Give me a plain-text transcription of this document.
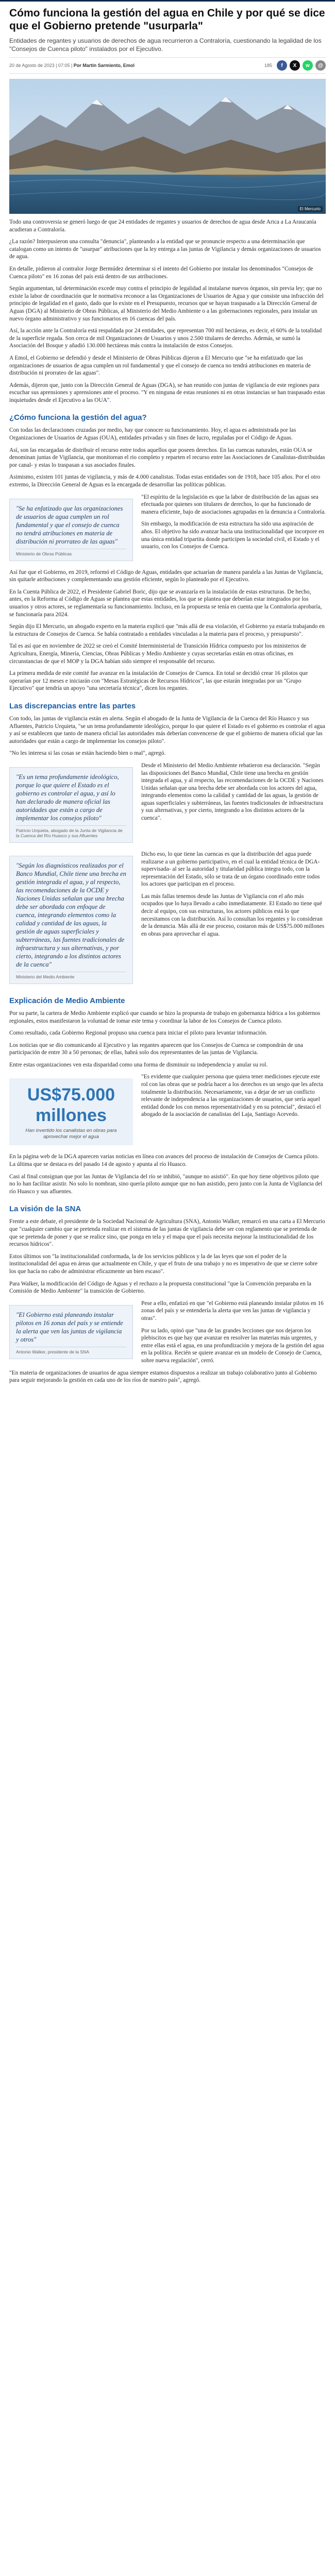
Cómo funciona la gestión del agua en Chile y por qué se dice que el Gobierno pretende "usurparla"

Entidades de regantes y usuarios de derechos de agua recurrieron a Contraloría, cuestionando la legalidad de los "Consejos de Cuenca piloto" instalados por el Ejecutivo.

20 de Agosto de 2023 | 07:05 | Por Martin Sarmiento, Emol	185 f X w @
El Mercurio

Todo una controversia se generó luego de que 24 entidades de regantes y usuarios de derechos de agua desde Arica a La Araucanía acudieran a Contraloría.

¿La razón? Interpusieron una consulta "denuncia", planteando a la entidad que se pronuncie respecto a una determinación que catalogan como un intento de "usurpar" atribuciones que la ley entrega a las juntas de Vigilancia y demás organizaciones de usuarios de agua.

En detalle, pidieron al contralor Jorge Bermúdez determinar si el intento del Gobierno por instalar los denominados "Consejos de Cuenca piloto" en 16 zonas del país está dentro de sus atribuciones.

Según argumentan, tal determinación excede muy contra el principio de legalidad al instalarse nuevos órganos, sin previa ley; que no existe la labor de coordinación que le normativa reconoce a las Organizaciones de Usuarios de Agua y que consiste una infracción del principio de legalidad en el gasto, dado que lo existe en el Presupuesto, recursos que se hayan traspasado a la Dirección General de Aguas (DGA) al Ministerio de Obras Públicas, al Ministerio del Medio Ambiente o a las gobernaciones regionales, para instalar un nuevo órgano administrativo y sus funcionarios en 16 cuencas del país.

Así, la acción ante la Contraloría está respaldada por 24 entidades, que representan 700 mil hectáreas, es decir, el 60% de la totalidad de la superficie regada. Son cerca de mil Organizaciones de Usuarios y unos 2.500 titulares de derecho. Además, se sumó la Asociación del Bosque y añadió 130.000 hectáreas más contra la instalación de estos Consejos.

A Emol, el Gobierno se defendió y desde el Ministerio de Obras Públicas dijeron a El Mercurio que "se ha enfatizado que las organizaciones de usuarios de agua cumplen un rol fundamental y que el consejo de cuenca no tendrá atribuciones en materia de distribución ni prorrateo de las aguas".

Además, dijeron que, junto con la Dirección General de Aguas (DGA), se han reunido con juntas de vigilancia de este regiones para escuchar sus aprensiones y aprensiones ante el proceso. "Y en ninguna de estas reuniones ni en otras instancias se han traspasado estas inquietudes desde el Ejecutivo a las OUA".

¿Cómo funciona la gestión del agua?

Con todas las declaraciones cruzadas por medio, hay que conocer su funcionamiento. Hoy, el agua es administrada por las Organizaciones de Usuarios de Aguas (OUA), entidades privadas y sin fines de lucro, reguladas por el Código de Aguas.

Así, son las encargadas de distribuir el recurso entre todos aquellos que poseen derechos. En las cuencas naturales, están OUA se denominan juntas de Vigilancia, que monitorean el rio completo y reparten el recurso entre las Asociaciones de Canalistas-distribuidas por canal- y estas lo traspasan a sus asociados finales.

Asimismo, existen 101 juntas de vigilancia, y más de 4.000 canalistas. Todas estas entidades son de 1918, hace 105 años. Por el otro extremo, la Dirección General de Aguas es la encargada de desarrollar las políticas públicas.

"Se ha enfatizado que las organizaciones de usuarios de agua cumplen un rol fundamental y que el consejo de cuenca no tendrá atribuciones en materia de distribución ni prorrateo de las aguas"
Ministerio de Obras Públicas

"El espíritu de la legislación es que la labor de distribución de las aguas sea efectuada por quienes son titulares de derechos, lo que ha funcionado de manera eficiente, bajo de asociaciones agrupadas en la denuncia a Contraloría.

Sin embargo, la modificación de esta estructura ha sido una aspiración de años. El objetivo ha sido avanzar hacia una institucionalidad que incorpore en una única entidad tripartita donde participen la sociedad civil, el Estado y el usuario, con los Consejos de Cuenca.

Así fue que el Gobierno, en 2019, reformó el Código de Aguas, entidades que actuarían de manera paralela a las Juntas de Vigilancia, sin quitarle atribuciones y complementando una gestión eficiente, según lo planteado por el Ejecutivo.

En la Cuenta Pública de 2022, el Presidente Gabriel Boric, dijo que se avanzaría en la instalación de estas estructuras. De hecho, antes, en la Reforma al Código de Aguas se plantea que estas entidades, los que se plantea que deberían estar integrados por los usuarios y otros actores, se reglamentaría su funcionamiento. Incluso, en la propuesta se tenía en cuenta que la Contraloría aprobaría, se funcionaría para 2024.

Según dijo El Mercurio, un abogado experto en la materia explicó que "más allá de esa violación, el Gobierno ya estaría trabajando en la estructura de Consejos de Cuenca. Se había contratado a entidades vinculadas a la materia para el proceso, y presupuesto".

Tal es así que en noviembre de 2022 se creó el Comité Interministerial de Transición Hídrica compuesto por los ministerios de Agricultura, Energía, Minería, Ciencias, Obras Públicas y Medio Ambiente y cuyas secretarías están en otras oficinas, en circunstancias de que el MOP y la DGA habían sido siempre el responsable del recurso.

La primera medida de este comité fue avanzar en la instalación de Consejos de Cuenca. En total se decidió crear 16 pilotos que operarían por 12 meses e iniciarán con "Mesas Estratégicas de Recursos Hídricos", las que estarán integradas por un "Grupo Ejecutivo" que tendría un apoyo "una secretaría técnica", dicen los regantes.

Las discrepancias entre las partes

Con todo, las juntas de vigilancia están en alerta. Según el abogado de la Junta de Vigilancia de la Cuenca del Río Huasco y sus Afluentes, Patricio Urquieta, "se un tema profundamente ideológico, porque lo que quiere el Estado es el gobierno es controlar el agua y así se establecen que tanto de manera oficial las autoridades más deberían convencerse de que el gobierno de manera oficial que las autoridades que están a cargo de implementar los consejos piloto".

"No les interesa si las cosas se están haciendo bien o mal", agregó.

"Es un tema profundamente ideológico, porque lo que quiere el Estado es el gobierno es controlar el agua, y así lo han declarado de manera oficial las autoridades que están a cargo de implementar los consejos piloto"
Patricio Urquieta, abogado de la Junta de Vigilancia de la Cuenca del Río Huasco y sus Afluentes

Desde el Ministerio del Medio Ambiente rebatieron esa declaración. "Según las disposiciones del Banco Mundial, Chile tiene una brecha en gestión integrada el agua, y al respecto, las recomendaciones de la OCDE y Naciones Unidas señalan que una brecha debe ser abordada con los actores del agua, integrando elementos como la calidad y cantidad de las aguas, la gestión de aguas superficiales y subterráneas, las fuentes tradicionales de infraestructura y sus alternativas, y por cierto, integrando a los distintos actores de la cuenca".

"Según los diagnósticos realizados por el Banco Mundial, Chile tiene una brecha en gestión integrada el agua, y al respecto, las recomendaciones de la OCDE y Naciones Unidas señalan que una brecha debe ser abordada con enfoque de cuenca, integrando elementos como la calidad y cantidad de las aguas, la gestión de aguas superficiales y subterráneas, las fuentes tradicionales de infraestructura y sus alternativas, y por cierto, integrando a los distintos actores de la cuenca"
Ministerio del Medio Ambiente

Dicho eso, lo que tiene las cuencas es que la distribución del agua puede realizarse a un gobierno participativo, en el cual la entidad técnica de DGA- supervisada- al ser la autoridad y titularidad pública integra todo, con la representación del Estado, sólo se trata de un órgano coordinado entre todos los actores que participan en el proceso.

Las más fallas tenemos desde las Juntas de Vigilancia con el año más ocupados que lo haya llevado a cabo inmediatamente. El Estado no tiene qué decir al equipo, con sus estructuras, los actores públicos está lo que necesitamos con la distribución. Así lo consultan los regantes y lo consideran de la denuncia. Más allá de ese proceso, costaron más de US$75.000 millones en obras para aprovechar el agua.

Explicación de Medio Ambiente

Por su parte, la cartera de Medio Ambiente explicó que cuando se hizo la propuesta de trabajo en gobernanza hídrica a los gobiernos regionales, estos manifestaron la voluntad de tomar este tema y coordinar la labor de los Consejos de Cuenca piloto.

Como resultado, cada Gobierno Regional propuso una cuenca para iniciar el piloto para levantar información.

Los noticias que se dio comunicando al Ejecutivo y las regantes aparecen que los Consejos de Cuenca se compondrán de una participación de entre 30 a 50 personas; de ellas, habrá solo dos representantes de las juntas de Vigilancia.

Entre estas organizaciones ven esta disparidad como una forma de disminuir su independencia y anular su rol.

US$75.000 millones
Han invertido los canalistas en obras para aprovechar mejor el agua

"Es evidente que cualquier persona que quiera tener mediciones ejecute este rol con las obras que se podría hacer a los derechos es un sesgo que les afecta totalmente la distribución. Necesariamente, vas a dejar de ser un conflicto relevante de independencia a las organizaciones de usuarios, que sería aquel entidad donde los con menos representatividad y en su potencial", destacó el abogado de la asociación de canalistas del Laja, Santiago Acevedo.

En la página web de la DGA aparecen varias noticias en línea con avances del proceso de instalación de Consejos de Cuenca piloto. La última que se destaca es del pasado 14 de agosto y apunta al río Huasco.

Casi al final consignan que por las Juntas de Vigilancia del río se inhibió, "aunque no asistió". En que hoy tiene objetivos piloto que no lo han facilitar asistir. No solo lo nombran, sino quería piloto aunque que no han asistido, pero junto con la Junta de Vigilancia del río Huasco y sus afluentes.

La visión de la SNA

Frente a este debate, el presidente de la Sociedad Nacional de Agricultura (SNA), Antonio Walker, remarcó en una carta a El Mercurio que "cualquier cambio que se pretenda realizar en el sistema de las juntas de vigilancia debe ser con reglamento que se pretenda de que se pretenda de poner y que se realice sino, que ponga en tela y el mapa que el país necesita mejorar la institucionalidad de los recursos hídricos".

Estos últimos son "la institucionalidad conformada, la de los servicios públicos y la de las leyes que son el poder de la institucionalidad del agua en áreas que actualmente en Chile, y que el fruto de una trabajo y no es imperativo de que se cierre sobre los que hacía no cabo de administrar eficazmente un bien escaso".

Para Walker, la modificación del Código de Aguas y el rechazo a la propuesta constitucional "que la Convención preparaba en la Comisión de Medio Ambiente" la transición de Gobierno.

"El Gobierno está planeando instalar pilotos en 16 zonas del país y se entiende la alerta que ven las juntas de vigilancia y otros"
Antonio Walker, presidente de la SNA

Pese a ello, enfatizó en que "el Gobierno está planeando instalar pilotos en 16 zonas del país y se entendería la alerta que ven las juntas de vigilancia y otras".

Por su lado, opinó que "una de las grandes lecciones que nos dejaron los plebiscitos es que hay que avanzar en resolver las materias más urgentes, y entre ellas está el agua, en una profundización y mejora de la gestión del agua en la política. Recién se quiere avanzar en un modelo de Consejo de Cuenca, sobre nueva regulación", cerró.

"En materia de organizaciones de usuarios de agua siempre estamos dispuestos a realizar un trabajo colaborativo junto al Gobierno para seguir mejorando la gestión en cada uno de los ríos de nuestro país", agregó.
